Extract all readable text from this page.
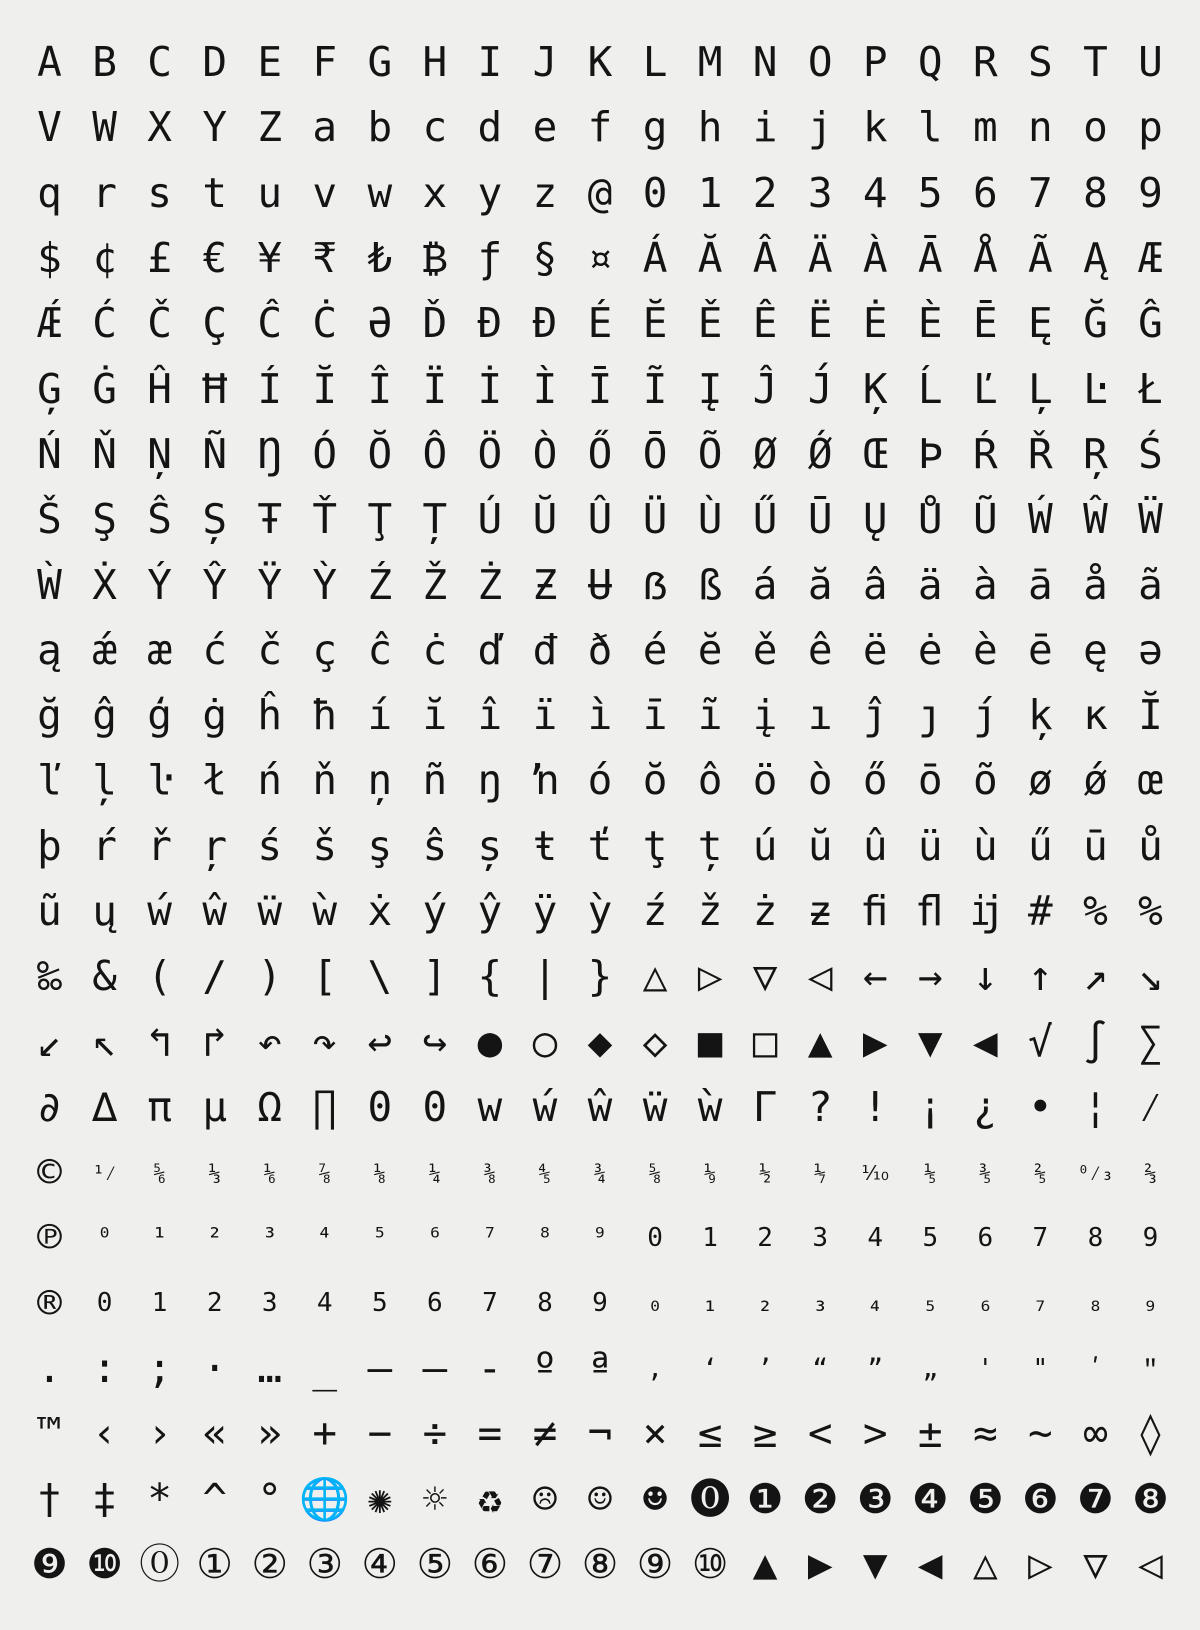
A B C D E F G H I J K L M N O P Q R S T U
V W X Y Z a b c d e f g h i j k l m n o p
q r s t u v w x y z @ 0 1 2 3 4 5 6 7 8 9
$ ¢ £ € ¥ ₹ ₺ ₿ ƒ § ¤ Á Ă Â Ä À Ā Å Ã Ą Æ
Ǽ Ć Č Ç Ĉ Ċ Ə Ď Đ Ð É Ĕ Ě Ê Ë Ė È Ē Ę Ğ Ĝ
Ģ Ġ Ĥ Ħ Í Ĭ Î Ï İ Ì Ī Ĩ Į Ĵ J́ Ķ Ĺ Ľ Ļ Ŀ Ł
Ń Ň Ņ Ñ Ŋ Ó Ŏ Ô Ö Ò Ő Ō Õ Ø Ǿ Œ Þ Ŕ Ř Ŗ Ś
Š Ş Ŝ Ș Ŧ Ť Ţ Ț Ú Ŭ Û Ü Ù Ű Ū Ų Ů Ũ Ẃ Ŵ Ẅ
Ẁ Ẋ Ý Ŷ Ÿ Ỳ Ź Ž Ż Ƶ Ʉ ẞ ß á ă â ä à ā å ã
ą ǽ æ ć č ç ĉ ċ ď đ ð é ĕ ě ê ë ė è ē ę ə
ğ ĝ ģ ġ ĥ ħ í ĭ î ï ì ī ĩ į ı ĵ ȷ ȷ́ ķ ĸ Ĭ
ľ ļ ŀ ł ń ň ņ ñ ŋ ŉ ó ŏ ô ö ò ő ō õ ø ǿ œ
þ ŕ ř ŗ ś š ş ŝ ș ŧ ť ţ ț ú ŭ û ü ù ű ū ů
ũ ų ẃ ŵ ẅ ẁ ẋ ý ŷ ÿ ỳ ź ž ż ƶ ﬁ ﬂ ĳ # % %
‰ & ( / ) [ \ ] { | } △ ▷ ▽ ◁ ← → ↓ ↑ ↗ ↘
↙ ↖ ↰ ↱ ↶ ↷ ↩ ↪ ● ○ ◆ ◇ ■ □ ▲ ▶ ▼ ◀ √ ∫ ∑
∂ ∆ π µ Ω ∏ 0 0 w ẃ ŵ ẅ ẁ Γ ? ! ¡ ¿ • ¦ ⁄
©	¹⁄	⅚	⅓	⅙	⅞	⅛	¼	⅜	⅘	¾	⅝	⅑	½	⅐	⅒	⅕	⅗	⅖	⁰⁄₃	⅔
℗	⁰	¹	²	³	⁴	⁵	⁶	⁷	⁸	⁹	0	1	2	3	4	5	6	7	8	9
®	0	1	2	3	4	5	6	7	8	9	₀	₁	₂	₃	₄	₅	₆	₇	₈	₉
. : ; · … _ – — - º ª	,	‘	’	“	”	„	'	"	ʹ	ʺ
™ ‹ › « » + − ÷ = ≠ ¬ × ≤ ≥ < > ± ≈ ~ ∞ ◊
† ‡ * ^ ° 🌐 ✺ ☼ ♻ ☹ ☺ ☻ ⓿ ❶ ❷ ❸ ❹ ❺ ❻ ❼ ❽
❾ ❿ ⓪ ① ② ③ ④ ⑤ ⑥ ⑦ ⑧ ⑨ ⑩ ▲ ▶ ▼ ◀ △ ▷ ▽ ◁
